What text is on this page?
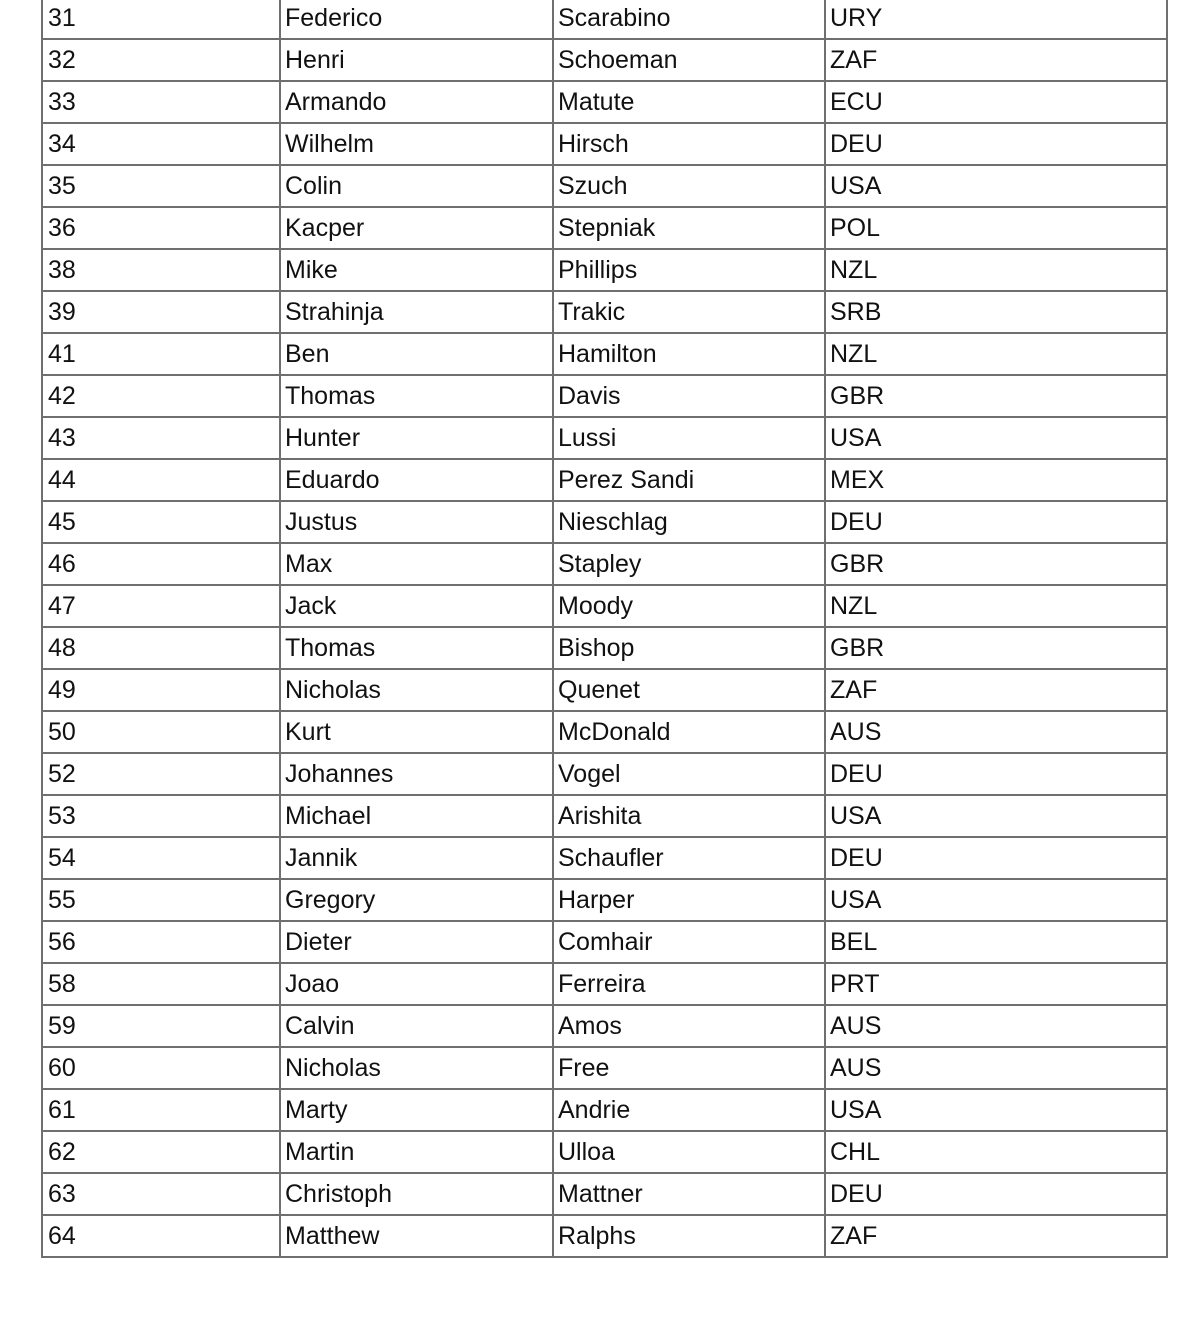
31	Federico	Scarabino	URY
32	Henri	Schoeman	ZAF
33	Armando	Matute	ECU
34	Wilhelm	Hirsch	DEU
35	Colin	Szuch	USA
36	Kacper	Stepniak	POL
38	Mike	Phillips	NZL
39	Strahinja	Trakic	SRB
41	Ben	Hamilton	NZL
42	Thomas	Davis	GBR
43	Hunter	Lussi	USA
44	Eduardo	Perez Sandi	MEX
45	Justus	Nieschlag	DEU
46	Max	Stapley	GBR
47	Jack	Moody	NZL
48	Thomas	Bishop	GBR
49	Nicholas	Quenet	ZAF
50	Kurt	McDonald	AUS
52	Johannes	Vogel	DEU
53	Michael	Arishita	USA
54	Jannik	Schaufler	DEU
55	Gregory	Harper	USA
56	Dieter	Comhair	BEL
58	Joao	Ferreira	PRT
59	Calvin	Amos	AUS
60	Nicholas	Free	AUS
61	Marty	Andrie	USA
62	Martin	Ulloa	CHL
63	Christoph	Mattner	DEU
64	Matthew	Ralphs	ZAF
